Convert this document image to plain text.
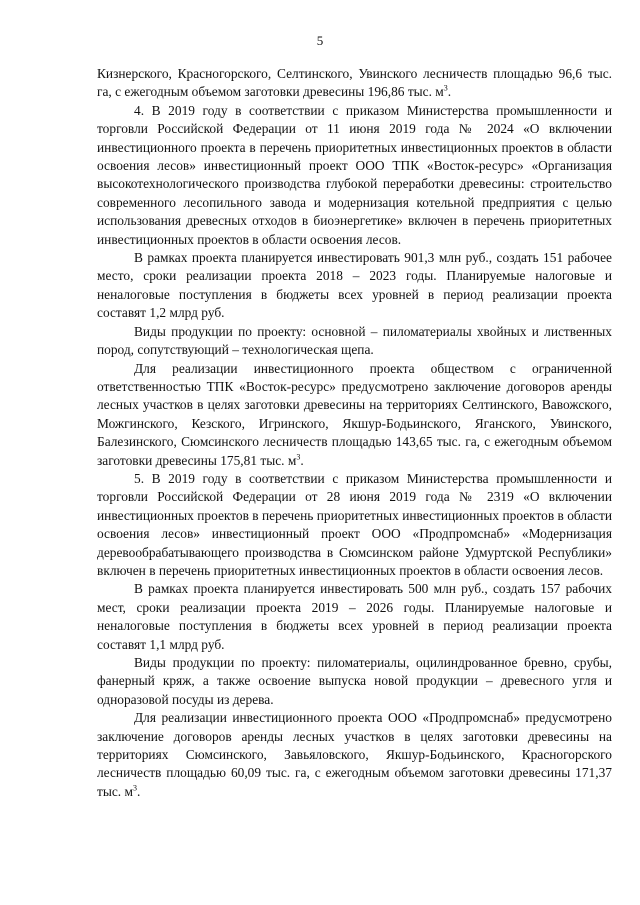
5

Кизнерского, Красногорского, Селтинского, Увинского лесничеств площадью 96,6 тыс. га, с ежегодным объемом заготовки древесины 196,86 тыс. $м^3$.

4. В 2019 году в соответствии с приказом Министерства промышленности и торговли Российской Федерации от 11 июня 2019 года № 2024 «О включении инвестиционного проекта в перечень приоритетных инвестиционных проектов в области освоения лесов» инвестиционный проект ООО ТПК «Восток-ресурс» «Организация высокотехнологического производства глубокой переработки древесины: строительство современного лесопильного завода и модернизация котельной предприятия с целью использования древесных отходов в биоэнергетике» включен в перечень приоритетных инвестиционных проектов в области освоения лесов.

В рамках проекта планируется инвестировать 901,3 млн руб., создать 151 рабочее место, сроки реализации проекта 2018 – 2023 годы. Планируемые налоговые и неналоговые поступления в бюджеты всех уровней в период реализации проекта составят 1,2 млрд руб.

Виды продукции по проекту: основной – пиломатериалы хвойных и лиственных пород, сопутствующий – технологическая щепа.

Для реализации инвестиционного проекта обществом с ограниченной ответственностью ТПК «Восток-ресурс» предусмотрено заключение договоров аренды лесных участков в целях заготовки древесины на территориях Селтинского, Вавожского, Можгинского, Кезского, Игринского, Якшур-Бодьинского, Яганского, Увинского, Балезинского, Сюмсинского лесничеств площадью 143,65 тыс. га, с ежегодным объемом заготовки древесины 175,81 тыс. $м^3$.

5. В 2019 году в соответствии с приказом Министерства промышленности и торговли Российской Федерации от 28 июня 2019 года № 2319 «О включении инвестиционных проектов в перечень приоритетных инвестиционных проектов в области освоения лесов» инвестиционный проект ООО «Продпромснаб» «Модернизация деревообрабатывающего производства в Сюмсинском районе Удмуртской Республики» включен в перечень приоритетных инвестиционных проектов в области освоения лесов.

В рамках проекта планируется инвестировать 500 млн руб., создать 157 рабочих мест, сроки реализации проекта 2019 – 2026 годы. Планируемые налоговые и неналоговые поступления в бюджеты всех уровней в период реализации проекта составят 1,1 млрд руб.

Виды продукции по проекту: пиломатериалы, оцилиндрованное бревно, срубы, фанерный кряж, а также освоение выпуска новой продукции – древесного угля и одноразовой посуды из дерева.

Для реализации инвестиционного проекта ООО «Продпромснаб» предусмотрено заключение договоров аренды лесных участков в целях заготовки древесины на территориях Сюмсинского, Завьяловского, Якшур-Бодьинского, Красногорского лесничеств площадью 60,09 тыс. га, с ежегодным объемом заготовки древесины 171,37 тыс. $м^3$.
